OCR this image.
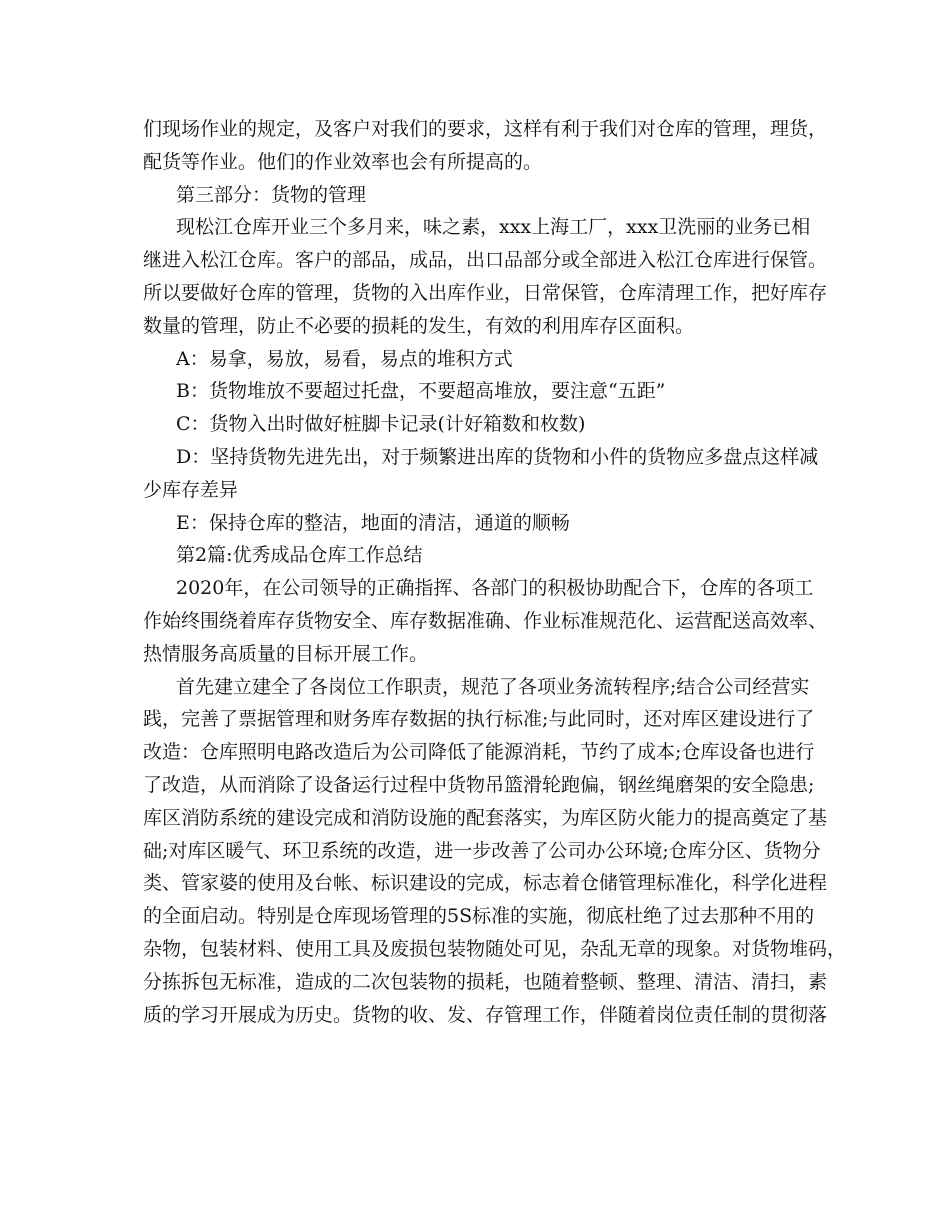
们现场作业的规定，及客户对我们的要求，这样有利于我们对仓库的管理，理货，
配货等作业。他们的作业效率也会有所提高的。
第三部分：货物的管理
现松江仓库开业三个多月来，味之素，xxx上海工厂，xxx卫洗丽的业务已相
继进入松江仓库。客户的部品，成品，出口品部分或全部进入松江仓库进行保管。
所以要做好仓库的管理，货物的入出库作业，日常保管，仓库清理工作，把好库存
数量的管理，防止不必要的损耗的发生，有效的利用库存区面积。
A：易拿，易放，易看，易点的堆积方式
B：货物堆放不要超过托盘，不要超高堆放，要注意“五距”
C：货物入出时做好桩脚卡记录(计好箱数和枚数)
D：坚持货物先进先出，对于频繁进出库的货物和小件的货物应多盘点这样减
少库存差异
E：保持仓库的整洁，地面的清洁，通道的顺畅
第2篇:优秀成品仓库工作总结
2020年，在公司领导的正确指挥、各部门的积极协助配合下，仓库的各项工
作始终围绕着库存货物安全、库存数据准确、作业标准规范化、运营配送高效率、
热情服务高质量的目标开展工作。
首先建立建全了各岗位工作职责，规范了各项业务流转程序;结合公司经营实
践，完善了票据管理和财务库存数据的执行标准;与此同时，还对库区建设进行了
改造：仓库照明电路改造后为公司降低了能源消耗，节约了成本;仓库设备也进行
了改造，从而消除了设备运行过程中货物吊篮滑轮跑偏，钢丝绳磨架的安全隐患;
库区消防系统的建设完成和消防设施的配套落实，为库区防火能力的提高奠定了基
础;对库区暖气、环卫系统的改造，进一步改善了公司办公环境;仓库分区、货物分
类、管家婆的使用及台帐、标识建设的完成，标志着仓储管理标准化，科学化进程
的全面启动。特别是仓库现场管理的5S标准的实施，彻底杜绝了过去那种不用的
杂物，包装材料、使用工具及废损包装物随处可见，杂乱无章的现象。对货物堆码，
分拣拆包无标准，造成的二次包装物的损耗，也随着整顿、整理、清洁、清扫，素
质的学习开展成为历史。货物的收、发、存管理工作，伴随着岗位责任制的贯彻落
